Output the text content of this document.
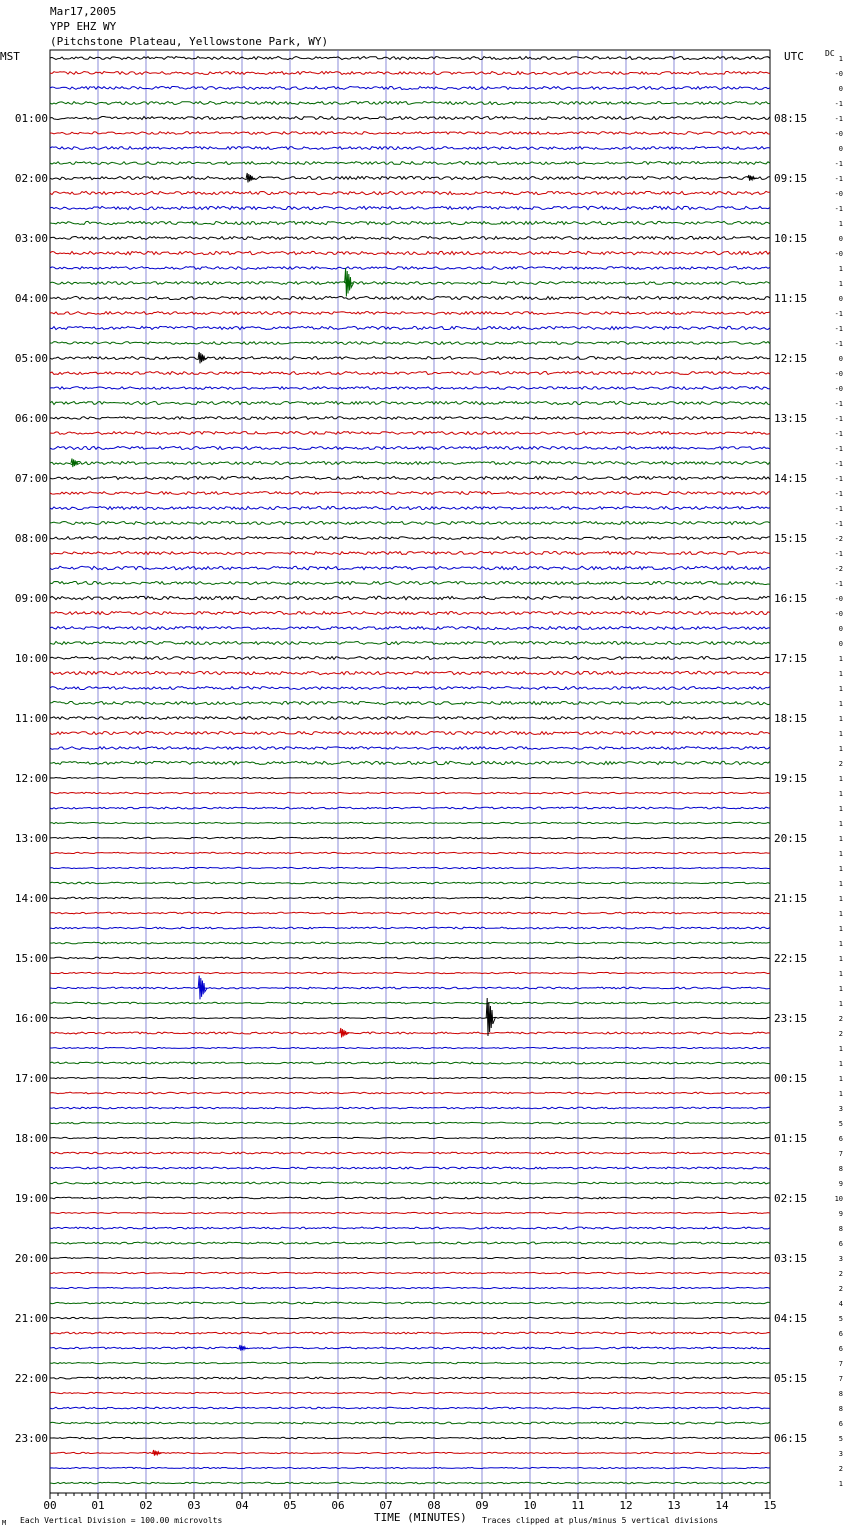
Mar17,2005
YPP EHZ WY
(Pitchstone Plateau, Yellowstone Park, WY)
MST	UTC	DC
01:00
02:00
03:00
04:00
05:00
06:00
07:00
08:00
09:00
10:00
11:00
12:00
13:00
14:00
15:00
16:00
17:00
18:00
19:00
20:00
21:00
22:00
23:00
08:15
09:15
10:15
11:15
12:15
13:15
14:15
15:15
16:15
17:15
18:15
19:15
20:15
21:15
22:15
23:15
00:15
01:15
02:15
03:15
04:15
05:15
06:15
1
-0
0
-1
-1
-0
0
-1
-1
-0
-1
1
0
-0
1
1
0
-1
-1
-1
0
-0
-0
-1
-1
-1
-1
-1
-1
-1
-1
-1
-2
-1
-2
-1
-0
-0
0
0
1
1
1
1
1
1
1
2
1
1
1
1
1
1
1
1
1
1
1
1
1
1
1
1
2
2
1
1
1
1
3
5
6
7
8
9
10
9
8
6
3
2
2
4
5
6
6
7
7
8
8
6
5
3
2
1
00	01	02	03	04	05	06	07	08	09	10	11	12	13	14	15
M Each Vertical Division = 100.00 microvolts	TIME (MINUTES) Traces clipped at plus/minus 5 vertical divisions
